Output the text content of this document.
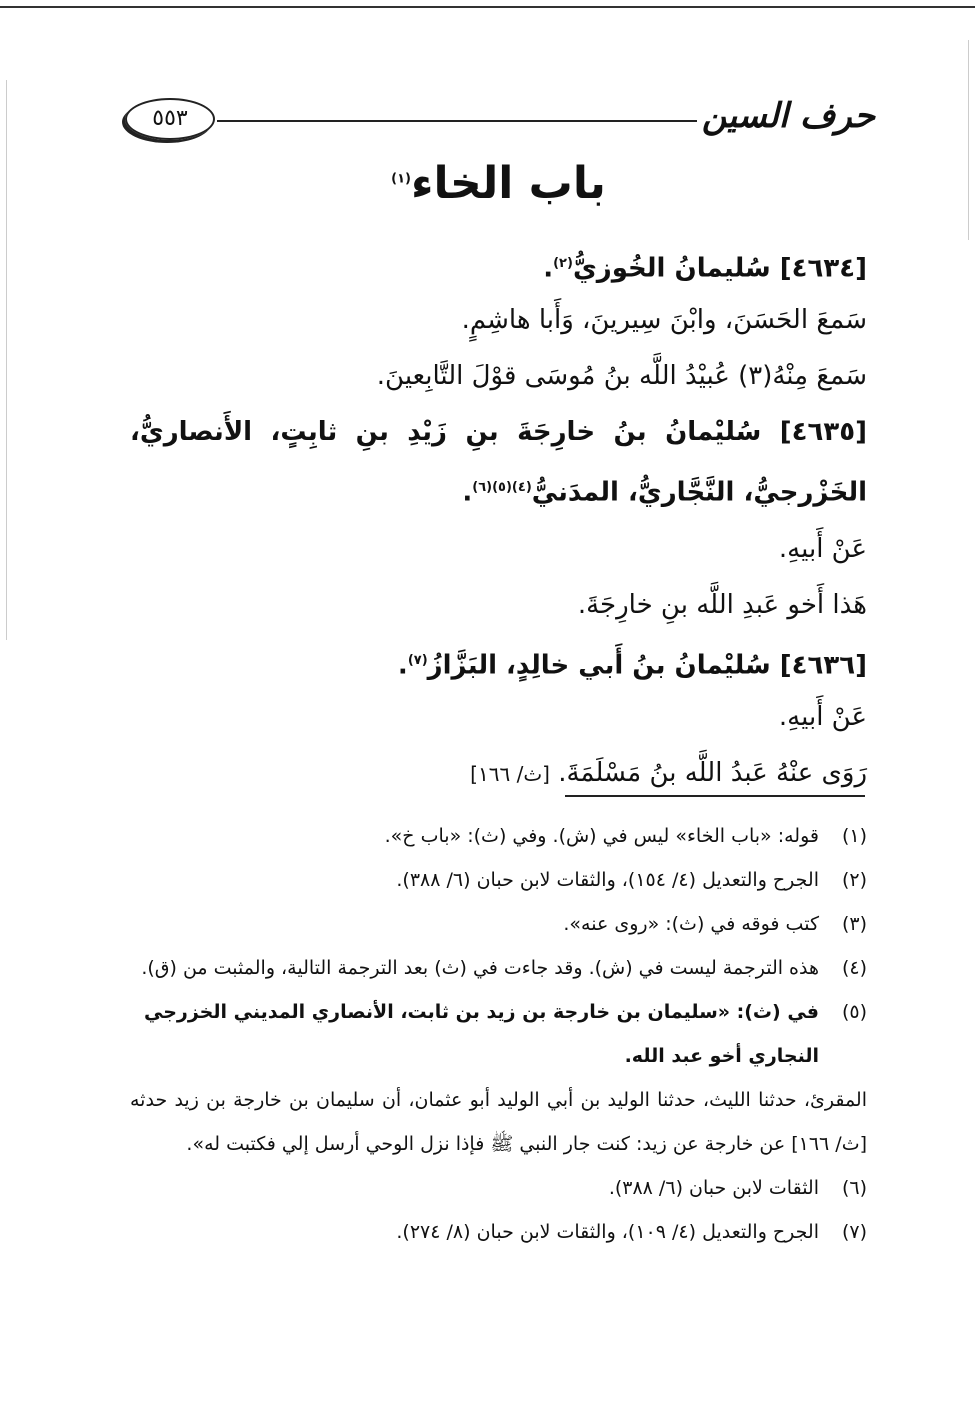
حرف السين
٥٥٣
باب الخاء$^{(١)}$
[٤٦٣٤] سُليمانُ الخُوزيُّ$^{(٢)}$.
سَمعَ الحَسَنَ، وابْنَ سِيرينَ، وَأَبا هاشِمٍ.
سَمعَ مِنْهُ(٣) عُبيْدُ اللَّه بنُ مُوسَى قوْلَ التَّابِعينَ.
[٤٦٣٥] سُليْمانُ بنُ خارِجَةَ بنِ زَيْدِ بنِ ثابِتٍ، الأَنصاريُّ، الخَزْرجيُّ، النَّجَّاريُّ، المدَنيُّ$^{(٤)(٥)(٦)}$.
عَنْ أَبيهِ.
هَذا أَخو عَبدِ اللَّه بنِ خارِجَةَ.
[٤٦٣٦] سُليْمانُ بنُ أَبي خالِدٍ، البَزَّازُ$^{(٧)}$.
عَنْ أَبيهِ.
رَوَى عنْهُ عَبدُ اللَّه بنُ مَسْلَمَةَ. [ث/ ١٦٦]
(١)
قوله: «باب الخاء» ليس في (ش). وفي (ث): «باب خ».
(٢)
الجرح والتعديل (٤/ ١٥٤)، والثقات لابن حبان (٦/ ٣٨٨).
(٣)
كتب فوقه في (ث): «روى عنه».
(٤)
هذه الترجمة ليست في (ش). وقد جاءت في (ث) بعد الترجمة التالية، والمثبت من (ق).
(٥)
في (ث): «سليمان بن خارجة بن زيد بن ثابت، الأنصاري المديني الخزرجي النجاري أخو عبد الله.
المقرئ، حدثنا الليث، حدثنا الوليد بن أبي الوليد أبو عثمان، أن سليمان بن خارجة بن زيد حدثه [ث/ ١٦٦] عن خارجة عن زيد: كنت جار النبي ﷺ فإذا نزل الوحي أرسل إلي فكتبت له».
(٦)
الثقات لابن حبان (٦/ ٣٨٨).
(٧)
الجرح والتعديل (٤/ ١٠٩)، والثقات لابن حبان (٨/ ٢٧٤).
